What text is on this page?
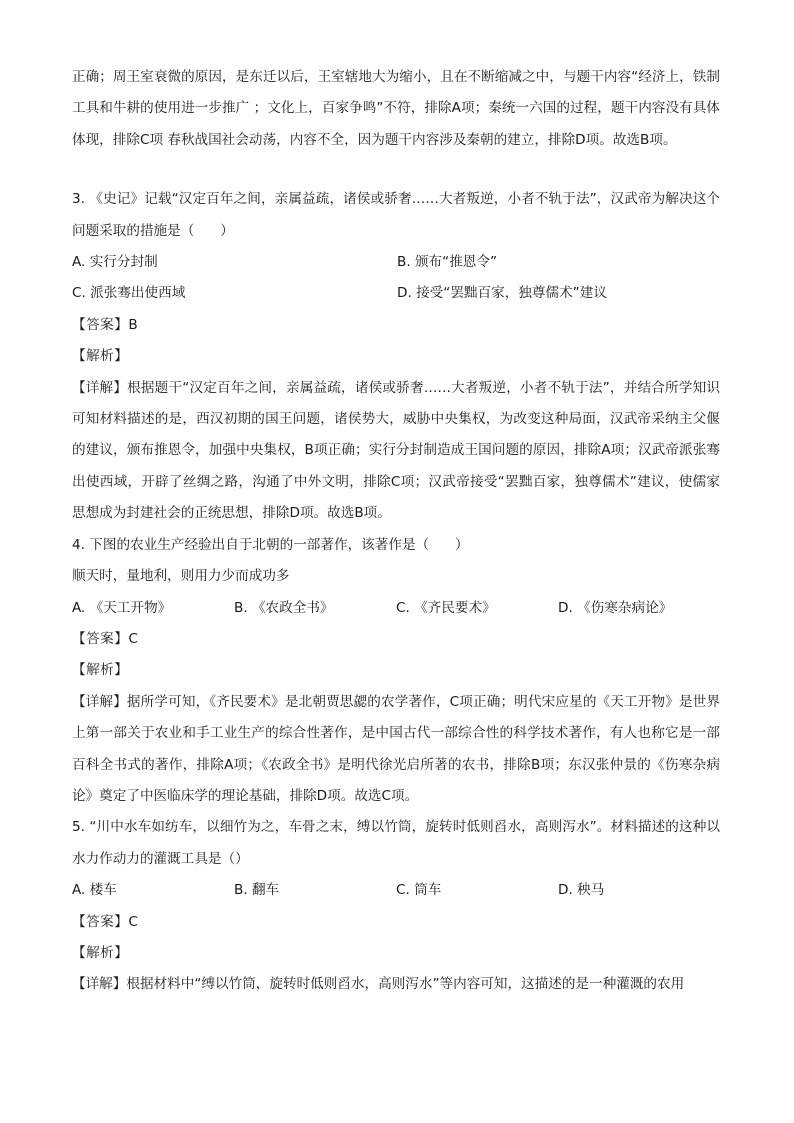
正确；周王室衰微的原因，是东迁以后，王室辖地大为缩小，且在不断缩减之中，与题干内容“经济上，铁制工具和牛耕的使用进一步推广 ；文化上，百家争鸣”不符，排除A项；秦统一六国的过程，题干内容没有具体体现，排除C项 春秋战国社会动荡，内容不全，因为题干内容涉及秦朝的建立，排除D项。故选B项。

3. 《史记》记载“汉定百年之间，亲属益疏，诸侯或骄奢……大者叛逆，小者不轨于法”，汉武帝为解决这个问题采取的措施是（      ）

A. 实行分封制	B. 颁布“推恩令”
C. 派张骞出使西域	D. 接受“罢黜百家，独尊儒术”建议

【答案】B

【解析】

【详解】根据题干“汉定百年之间，亲属益疏，诸侯或骄奢……大者叛逆，小者不轨于法”，并结合所学知识可知材料描述的是，西汉初期的国王问题，诸侯势大，威胁中央集权，为改变这种局面，汉武帝采纳主父偃的建议，颁布推恩令，加强中央集权，B项正确；实行分封制造成王国问题的原因，排除A项；汉武帝派张骞出使西域，开辟了丝绸之路，沟通了中外文明，排除C项；汉武帝接受“罢黜百家，独尊儒术”建议，使儒家思想成为封建社会的正统思想，排除D项。故选B项。

4. 下图的农业生产经验出自于北朝的一部著作，该著作是（      ）

顺天时，量地利，则用力少而成功多

A. 《天工开物》	B. 《农政全书》	C. 《齐民要术》	D. 《伤寒杂病论》

【答案】C

【解析】

【详解】据所学可知，《齐民要术》是北朝贾思勰的农学著作，C项正确；明代宋应星的《天工开物》是世界上第一部关于农业和手工业生产的综合性著作，是中国古代一部综合性的科学技术著作，有人也称它是一部百科全书式的著作，排除A项；《农政全书》是明代徐光启所著的农书，排除B项；东汉张仲景的《伤寒杂病论》奠定了中医临床学的理论基础，排除D项。故选C项。

5. “川中水车如纺车，以细竹为之，车骨之末，缚以竹筒，旋转时低则舀水，高则泻水”。材料描述的这种以水力作动力的灌溉工具是（）

A. 楼车	B. 翻车	C. 筒车	D. 秧马

【答案】C

【解析】

【详解】根据材料中“缚以竹筒，旋转时低则舀水，高则泻水”等内容可知，这描述的是一种灌溉的农用
